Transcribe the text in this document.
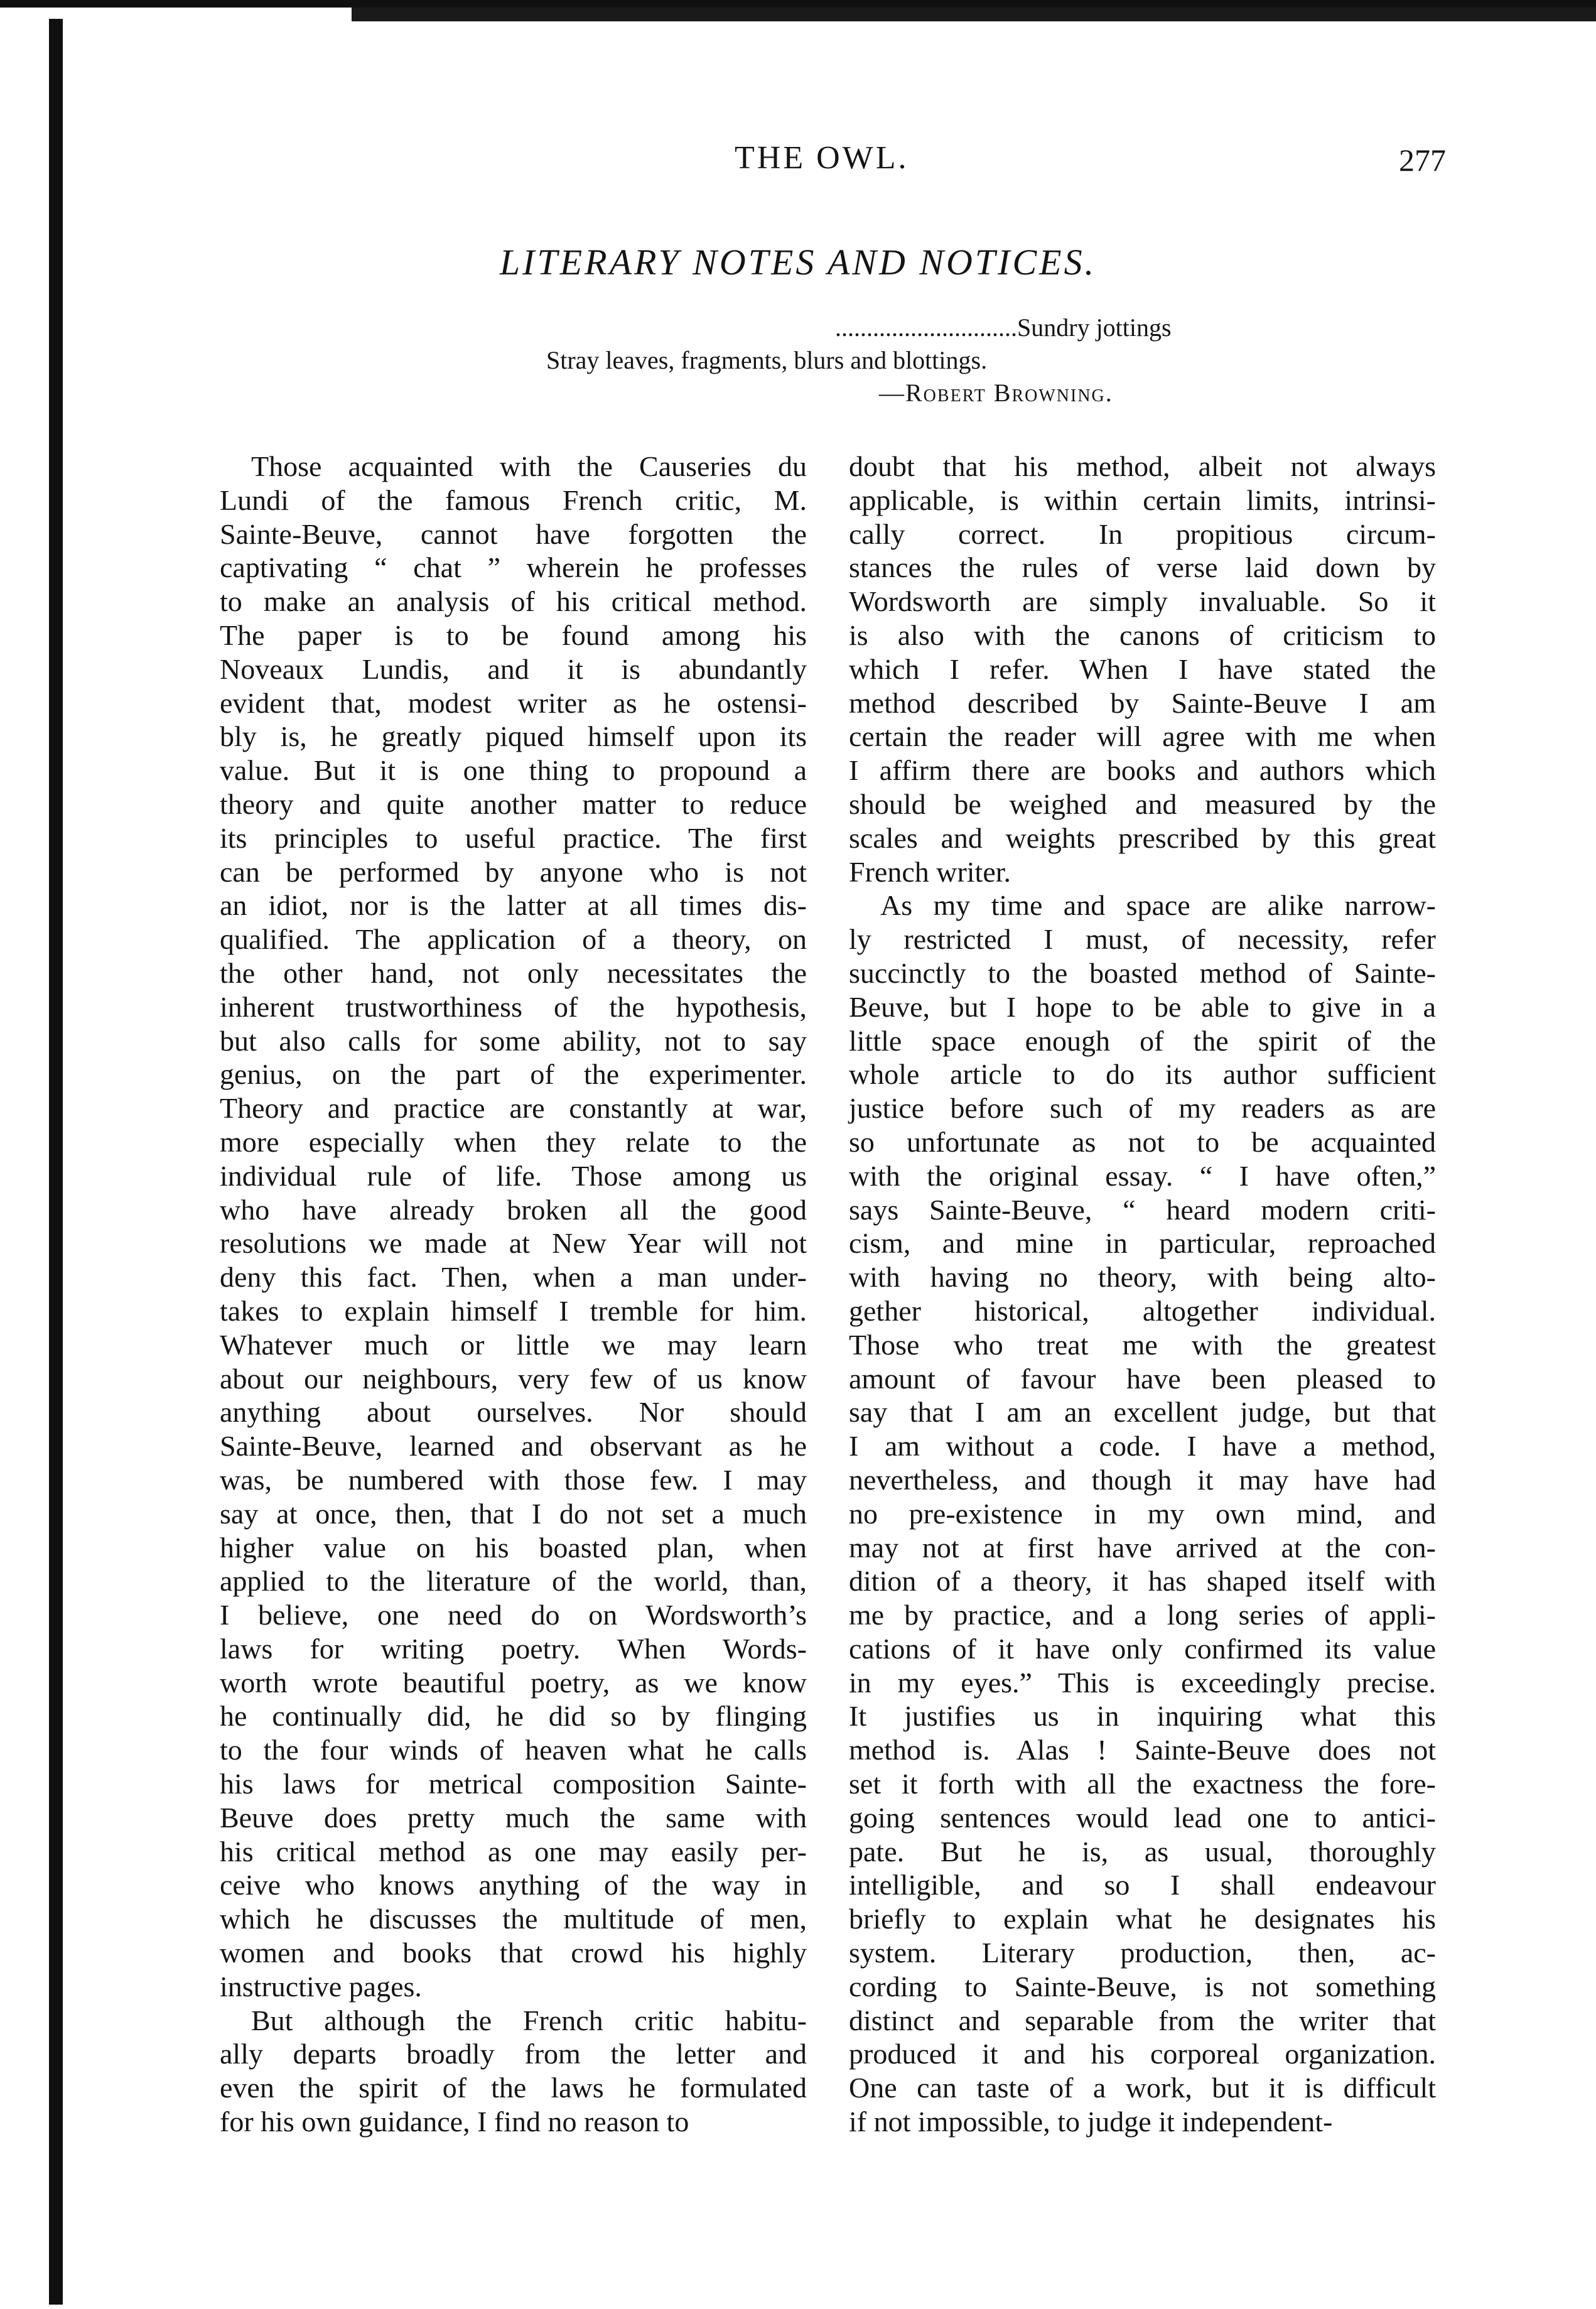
THE OWL.	277
LITERARY NOTES AND NOTICES.
.............................Sundry jottings
Stray leaves, fragments, blurs and blottings.
—Robert Browning.
Those acquainted with the Causeries du
Lundi of the famous French critic, M.
Sainte-Beuve, cannot have forgotten the
captivating “ chat ” wherein he professes
to make an analysis of his critical method.
The paper is to be found among his
Noveaux Lundis, and it is abundantly
evident that, modest writer as he ostensi-
bly is, he greatly piqued himself upon its
value. But it is one thing to propound a
theory and quite another matter to reduce
its principles to useful practice. The first
can be performed by anyone who is not
an idiot, nor is the latter at all times dis-
qualified. The application of a theory, on
the other hand, not only necessitates the
inherent trustworthiness of the hypothesis,
but also calls for some ability, not to say
genius, on the part of the experimenter.
Theory and practice are constantly at war,
more especially when they relate to the
individual rule of life. Those among us
who have already broken all the good
resolutions we made at New Year will not
deny this fact. Then, when a man under-
takes to explain himself I tremble for him.
Whatever much or little we may learn
about our neighbours, very few of us know
anything about ourselves. Nor should
Sainte-Beuve, learned and observant as he
was, be numbered with those few. I may
say at once, then, that I do not set a much
higher value on his boasted plan, when
applied to the literature of the world, than,
I believe, one need do on Wordsworth’s
laws for writing poetry. When Words-
worth wrote beautiful poetry, as we know
he continually did, he did so by flinging
to the four winds of heaven what he calls
his laws for metrical composition Sainte-
Beuve does pretty much the same with
his critical method as one may easily per-
ceive who knows anything of the way in
which he discusses the multitude of men,
women and books that crowd his highly
instructive pages.
But although the French critic habitu-
ally departs broadly from the letter and
even the spirit of the laws he formulated
for his own guidance, I find no reason to
doubt that his method, albeit not always
applicable, is within certain limits, intrinsi-
cally correct. In propitious circum-
stances the rules of verse laid down by
Wordsworth are simply invaluable. So it
is also with the canons of criticism to
which I refer. When I have stated the
method described by Sainte-Beuve I am
certain the reader will agree with me when
I affirm there are books and authors which
should be weighed and measured by the
scales and weights prescribed by this great
French writer.
As my time and space are alike narrow-
ly restricted I must, of necessity, refer
succinctly to the boasted method of Sainte-
Beuve, but I hope to be able to give in a
little space enough of the spirit of the
whole article to do its author sufficient
justice before such of my readers as are
so unfortunate as not to be acquainted
with the original essay. “ I have often,”
says Sainte-Beuve, “ heard modern criti-
cism, and mine in particular, reproached
with having no theory, with being alto-
gether historical, altogether individual.
Those who treat me with the greatest
amount of favour have been pleased to
say that I am an excellent judge, but that
I am without a code. I have a method,
nevertheless, and though it may have had
no pre-existence in my own mind, and
may not at first have arrived at the con-
dition of a theory, it has shaped itself with
me by practice, and a long series of appli-
cations of it have only confirmed its value
in my eyes.” This is exceedingly precise.
It justifies us in inquiring what this
method is. Alas ! Sainte-Beuve does not
set it forth with all the exactness the fore-
going sentences would lead one to antici-
pate. But he is, as usual, thoroughly
intelligible, and so I shall endeavour
briefly to explain what he designates his
system. Literary production, then, ac-
cording to Sainte-Beuve, is not something
distinct and separable from the writer that
produced it and his corporeal organization.
One can taste of a work, but it is difficult
if not impossible, to judge it independent-
